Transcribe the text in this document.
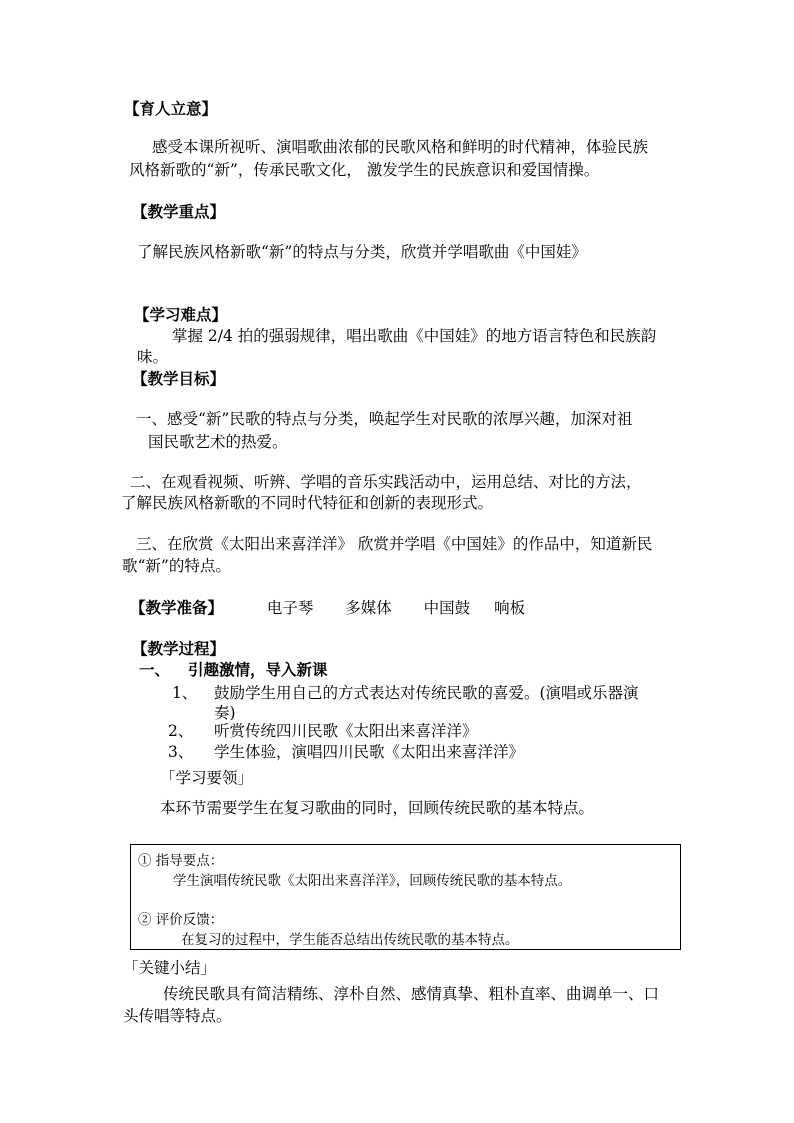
【育人立意】
感受本课所视听、演唱歌曲浓郁的民歌风格和鲜明的时代精神，体验民族
风格新歌的“新”，传承民歌文化， 激发学生的民族意识和爱国情操。
【教学重点】
了解民族风格新歌“新”的特点与分类，欣赏并学唱歌曲《中国娃》
【学习难点】
掌握 2/4 拍的强弱规律，唱出歌曲《中国娃》的地方语言特色和民族韵
味。
【教学目标】
一、感受“新”民歌的特点与分类，唤起学生对民歌的浓厚兴趣，加深对祖
国民歌艺术的热爱。
二、在观看视频、听辨、学唱的音乐实践活动中，运用总结、对比的方法，
了解民族风格新歌的不同时代特征和创新的表现形式。
三、在欣赏《太阳出来喜洋洋》 欣赏并学唱《中国娃》的作品中，知道新民
歌“新”的特点。
【教学准备】	电子琴 多媒体 中国鼓 响板
【教学过程】
一、 引趣激情，导入新课
1、 鼓励学生用自己的方式表达对传统民歌的喜爱。(演唱或乐器演
奏)
2、 听赏传统四川民歌《太阳出来喜洋洋》
3、 学生体验，演唱四川民歌《太阳出来喜洋洋》
「学习要领」
本环节需要学生在复习歌曲的同时，回顾传统民歌的基本特点。
① 指导要点：
学生演唱传统民歌《太阳出来喜洋洋》，回顾传统民歌的基本特点。
② 评价反馈：
在复习的过程中，学生能否总结出传统民歌的基本特点。
「关键小结」
传统民歌具有简洁精练、淳朴自然、感情真挚、粗朴直率、曲调单一、口
头传唱等特点。
